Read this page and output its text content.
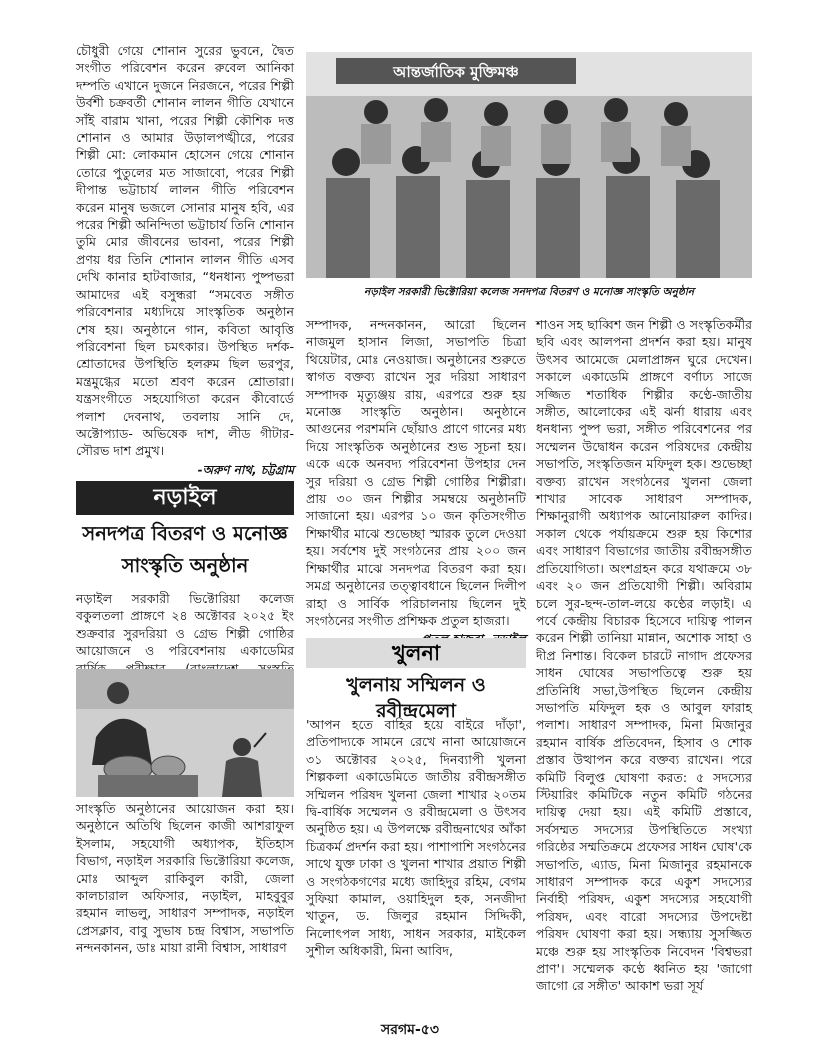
চৌধুরী গেয়ে শোনান সুরের ভুবনে, দ্বৈত সংগীত পরিবেশন করেন রুবেল আনিকা দম্পতি এখানে দুজনে নিরজনে, পরের শিল্পী উর্বশী চক্রবর্তী শোনান লালন গীতি যেখানে সাঁই বারাম খানা, পরের শিল্পী কৌশিক দত্ত শোনান ও আমার উড়ালপঙ্খীরে, পরের শিল্পী মো: লোকমান হোসেন গেয়ে শোনান তোরে পুতুলের মত সাজাবো, পরের শিল্পী দীপান্ত ভট্টাচার্য লালন গীতি পরিবেশন করেন মানুষ ভজলে সোনার মানুষ হবি, এর পরের শিল্পী অনিন্দিতা ভট্টাচার্য তিনি শোনান তুমি মোর জীবনের ভাবনা, পরের শিল্পী প্রণয় ধর তিনি শোনান লালন গীতি এসব দেখি কানার হাটবাজার, “ধনধান্য পুষ্পভরা আমাদের এই বসুন্ধরা “সমবেত সঙ্গীত পরিবেশনার মধ্যদিয়ে সাংস্কৃতিক অনুষ্ঠান শেষ হয়। অনুষ্ঠানে গান, কবিতা আবৃত্তি পরিবেশনা ছিল চমৎকার। উপস্থিত দর্শক-শ্রোতাদের উপস্থিতি হলরুম ছিল ভরপুর, মন্ত্রমুগ্ধের মতো শ্রবণ করেন শ্রোতারা। যন্ত্রসংগীতে সহযোগিতা করেন কীবোর্ডে পলাশ দেবনাথ, তবলায় সানি দে, অক্টোপ্যাড- অভিষেক দাশ, লীড গীটার-সৌরভ দাশ প্রমুখ।

-অরুণ নাথ, চট্টগ্রাম

নড়াইল
সনদপত্র বিতরণ ও মনোজ্ঞ
সাংস্কৃতি অনুষ্ঠান

নড়াইল সরকারী ভিক্টোরিয়া কলেজ বকুলতলা প্রাঙ্গণে ২৪ অক্টোবর ২০২৫ ইং শুক্রবার সুরদরিয়া ও গ্রেভ শিল্পী গোষ্ঠির আয়োজনে ও পরিবেশনায় একাডেমির

সাংস্কৃতি অনুষ্ঠানের আয়োজন করা হয়। অনুষ্ঠানে অতিথি ছিলেন কাজী আশরাফুল ইসলাম, সহযোগী অধ্যাপক, ইতিহাস বিভাগ, নড়াইল সরকারি ভিক্টোরিয়া কলেজ, মোঃ আব্দুল রাকিবুল কারী, জেলা কালচারাল অফিসার, নড়াইল, মাহবুবুর রহমান লাভলু, সাধারণ সম্পাদক, নড়াইল প্রেসক্লাব, বাবু সুভাষ চন্দ্র বিশ্বাস, সভাপতি নন্দনকানন, ডাঃ মায়া রানী বিশ্বাস, সাধারণ

আন্তর্জাতিক মুক্তিমঞ্চ
নড়াইল সরকারী ভিক্টোরিয়া কলেজ সনদপত্র বিতরণ ও মনোজ্ঞ সাংস্কৃতি অনুষ্ঠান

সম্পাদক, নন্দনকানন, আরো ছিলেন নাজমুল হাসান লিজা, সভাপতি চিত্রা থিয়েটার, মোঃ নেওয়াজ। অনুষ্ঠানের শুরুতে স্বাগত বক্তব্য রাখেন সুর দরিয়া সাধারণ সম্পাদক মৃত্যুঞ্জয় রায়, এরপরে শুরু হয় মনোজ্ঞ সাংস্কৃতি অনুষ্ঠান। অনুষ্ঠানে আগুনের পরশমনি ছোঁয়াও প্রাণে গানের মধ্য দিয়ে সাংস্কৃতিক অনুষ্ঠানের শুভ সূচনা হয়। একে একে অনবদ্য পরিবেশনা উপহার দেন সুর দরিয়া ও গ্রেভ শিল্পী গোষ্ঠির শিল্পীরা। প্রায় ৩০ জন শিল্পীর সমম্বয়ে অনুষ্ঠানটি সাজানো হয়। এরপর ১০ জন কৃতিসংগীত শিক্ষার্থীর মাঝে শুভেচ্ছা স্মারক তুলে দেওয়া হয়। সর্বশেষ দুই সংগঠনের প্রায় ২০০ জন শিক্ষার্থীর মাঝে সনদপত্র বিতরণ করা হয়। সমগ্র অনুষ্ঠানের তত্ত্বাবধানে ছিলেন দিলীপ রাহা ও সার্বিক পরিচালনায় ছিলেন দুই সংগঠনের সংগীত প্রশিক্ষক প্রতুল হাজরা।

খুলনা
খুলনায় সম্মিলন ও
রবীন্দ্রমেলা

'আপন হতে বাহির হয়ে বাইরে দাঁড়া', প্রতিপাদ্যকে সামনে রেখে নানা আয়োজনে ৩১ অক্টোবর ২০২৫, দিনব্যাপী খুলনা শিল্পকলা একাডেমিতে জাতীয় রবীন্দ্রসঙ্গীত সম্মিলন পরিষদ খুলনা জেলা শাখার ২০তম দ্বি-বার্ষিক সম্মেলন ও রবীন্দ্রমেলা ও উৎসব অনুষ্ঠিত হয়। এ উপলক্ষে রবীন্দ্রনাথের আঁকা চিত্রকর্ম প্রদর্শন করা হয়। পাশাপাশি সংগঠনের সাথে যুক্ত ঢাকা ও খুলনা শাখার প্রয়াত শিল্পী ও সংগঠকগণের মধ্যে জাহিদুর রহিম, বেগম সুফিয়া কামাল, ওয়াহিদুল হক, সনজীদা খাতুন, ড. জিলুর রহমান সিদ্দিকী, নিলোৎপল সাধ্য, সাধন সরকার, মাইকেল সুশীল অধিকারী, মিনা আবিদ,

শাওন সহ ছাব্বিশ জন শিল্পী ও সংস্কৃতিকর্মীর ছবি এবং আলপনা প্রদর্শন করা হয়। মানুষ উৎসব আমেজে মেলাপ্রাঙ্গন ঘুরে দেখেন। সকালে একাডেমি প্রাঙ্গণে বর্ণাঢ্য সাজে সজ্জিত শতাধিক শিল্পীর কণ্ঠে-জাতীয় সঙ্গীত, আলোকের এই ঝর্না ধারায় এবং ধনধান্য পুষ্প ভরা, সঙ্গীত পরিবেশনের পর সম্মেলন উদ্বোধন করেন পরিষদের কেন্দ্রীয় সভাপতি, সংস্কৃতিজন মফিদুল হক। শুভেচ্ছা বক্তব্য রাখেন সংগঠনের খুলনা জেলা শাখার সাবেক সাধারণ সম্পাদক, শিক্ষানুরাগী অধ্যাপক আনোয়ারুল কাদির। সকাল থেকে পর্যায়ক্রমে শুরু হয় কিশোর এবং সাধারণ বিভাগের জাতীয় রবীন্দ্রসঙ্গীত প্রতিযোগিতা। অংশগ্রহন করে যথাক্রমে ৩৮ এবং ২০ জন প্রতিযোগী শিল্পী। অবিরাম চলে সুর-ছন্দ-তাল-লয়ে কণ্ঠের লড়াই। এ পর্বে কেন্দ্রীয় বিচারক হিসেবে দায়িত্ব পালন করেন শিল্পী তানিয়া মান্নান, অশোক সাহা ও দীপ্র নিশান্ত। বিকেল চারটে নাগাদ প্রফেসর সাধন ঘোষের সভাপতিত্বে শুরু হয় প্রতিনিধি সভা,উপস্থিত ছিলেন কেন্দ্রীয় সভাপতি মফিদুল হক ও আবুল ফারাহ পলাশ। সাধারণ সম্পাদক, মিনা মিজানুর রহমান বার্ষিক প্রতিবেদন, হিসাব ও শোক প্রস্তাব উত্থাপন করে বক্তব্য রাখেন। পরে কমিটি বিলুপ্ত ঘোষণা করত: ৫ সদস্যের স্টিয়ারিং কমিটিকে নতুন কমিটি গঠনের দায়িত্ব দেয়া হয়। এই কমিটি প্রস্তাবে, সর্বসম্মত সদস্যের উপস্থিতিতে সংখ্যা গরিষ্ঠের সম্মতিক্রমে প্রফেসর সাধন ঘোষ'কে সভাপতি, এ্যাড, মিনা মিজানুর রহমানকে সাধারণ সম্পাদক করে একুশ সদস্যের নির্বাহী পরিষদ, একুশ সদস্যের সহযোগী পরিষদ, এবং বারো সদস্যের উপদেষ্টা পরিষদ ঘোষণা করা হয়। সন্ধ্যায় সুসজ্জিত মঞ্চে শুরু হয় সাংস্কৃতিক নিবেদন 'বিশ্বভরা প্রাণ'। সম্মেলক কণ্ঠে ধ্বনিত হয় 'জাগো জাগো রে সঙ্গীত' আকাশ ভরা সূর্য

সরগম-৫৩
